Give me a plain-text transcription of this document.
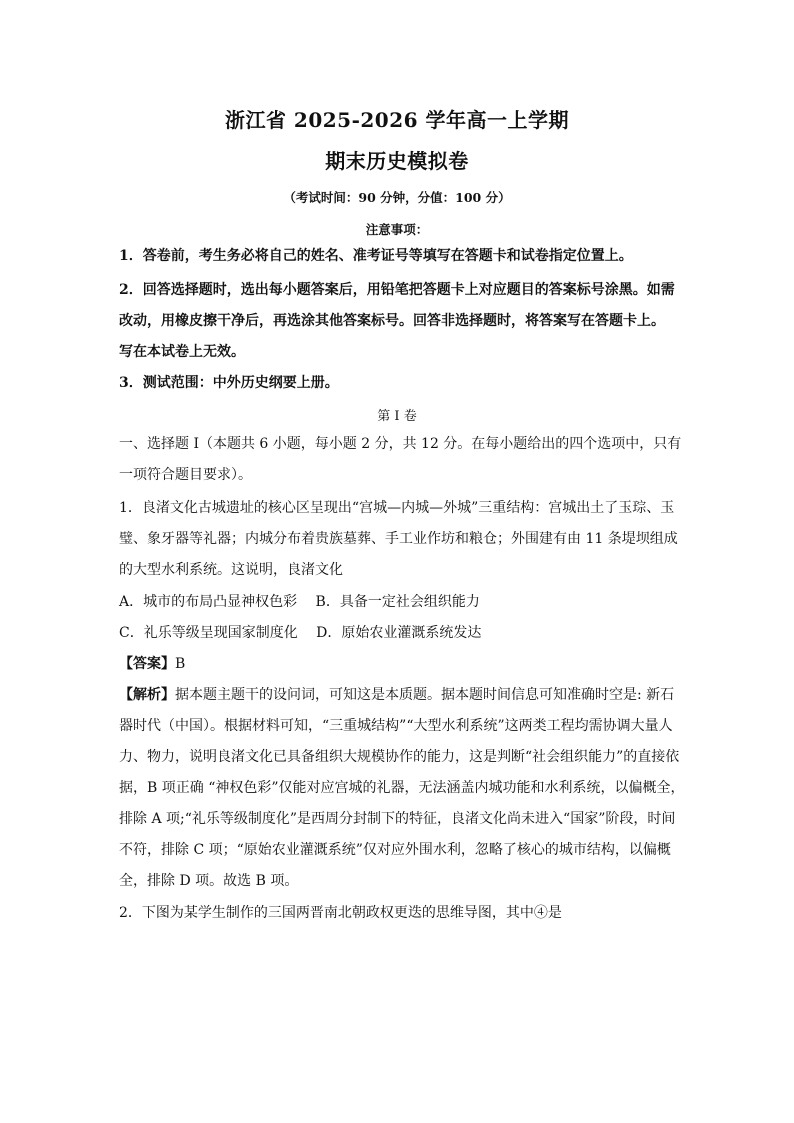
浙江省 2025-2026 学年高一上学期
期末历史模拟卷
（考试时间：90 分钟，分值：100 分）
注意事项：
1．答卷前，考生务必将自己的姓名、准考证号等填写在答题卡和试卷指定位置上。
2．回答选择题时，选出每小题答案后，用铅笔把答题卡上对应题目的答案标号涂黑。如需
改动，用橡皮擦干净后，再选涂其他答案标号。回答非选择题时，将答案写在答题卡上。
写在本试卷上无效。
3．测试范围：中外历史纲要上册。
第 I 卷
一、选择题 I（本题共 6 小题，每小题 2 分，共 12 分。在每小题给出的四个选项中，只有
一项符合题目要求）。
1．良渚文化古城遗址的核心区呈现出“宫城—内城—外城”三重结构：宫城出土了玉琮、玉
璧、象牙器等礼器；内城分布着贵族墓葬、手工业作坊和粮仓；外围建有由 11 条堤坝组成
的大型水利系统。这说明，良渚文化
A．城市的布局凸显神权色彩　 B．具备一定社会组织能力
C．礼乐等级呈现国家制度化　 D．原始农业灌溉系统发达
【答案】B
【解析】据本题主题干的设问词，可知这是本质题。据本题时间信息可知准确时空是: 新石
器时代（中国）。根据材料可知，“三重城结构”“大型水利系统”这两类工程均需协调大量人
力、物力，说明良渚文化已具备组织大规模协作的能力，这是判断“社会组织能力”的直接依
据，B 项正确 “神权色彩”仅能对应宫城的礼器，无法涵盖内城功能和水利系统，以偏概全，
排除 A 项;“礼乐等级制度化”是西周分封制下的特征，良渚文化尚未进入“国家”阶段，时间
不符，排除 C 项；“原始农业灌溉系统”仅对应外围水利，忽略了核心的城市结构，以偏概
全，排除 D 项。故选 B 项。
2．下图为某学生制作的三国两晋南北朝政权更迭的思维导图，其中④是
